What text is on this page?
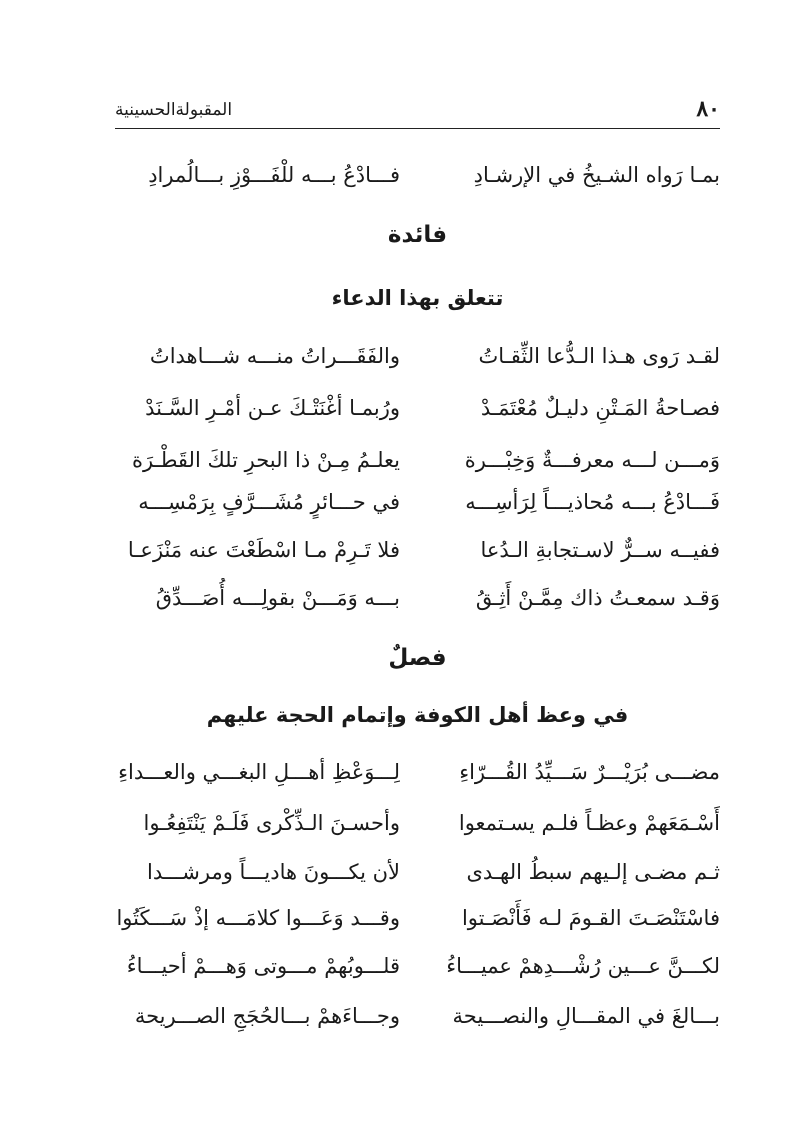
٨٠
المقبولةالحسينية
بمـا رَواه الشـيخُ في الإرشـادِ
فـــادْعُ بـــه للْفَـــوْزِ بـــالُمرادِ
فائدة
تتعلق بهذا الدعاء
لقـد رَوى هـذا الـدُّعا الثِّقـاتُ
والفَقَـــراتُ منـــه شـــاهداتُ
فصـاحةُ المَـتْنِ دليـلٌ مُعْتَمَـدْ
ورُبمـا أغْنَتْـكَ عـن أمْـرِ السَّـنَدْ
وَمـــن لـــه معرفـــةٌ وَخِبْـــرة
يعلـمُ مِـنْ ذا البحرِ تلكَ القَطْـرَة
فَـــادْعُ بـــه مُحاذيـــاً لِرَأسِـــه
في حـــائرٍ مُشَـــرَّفٍ بِرَمْسِـــه
ففيــه ســرٌّ لاسـتجابةِ الـدُعا
فلا تَـرِمْ مـا اسْطَعْتَ عنه مَنْزَعـا
وَقـد سمعـتُ ذاك مِمَّـنْ أَثِـقُ
بـــه وَمَـــنْ بقولِـــه أُصَـــدِّقُ
فصلٌ
في وعظ أهل الكوفة وإتمام الحجة عليهم
مضـــى بُرَيْـــرٌ سَـــيِّدُ القُـــرّاءِ
لِـــوَعْظِ أهـــلِ البغـــي والعـــداءِ
أَسْـمَعَهمْ وعظـاً فلـم يسـتمعوا
وأحسـنَ الـذِّكْرى فَلَـمْ يَنْتَفِعُـوا
ثـم مضـى إلـيهم سبطُ الهـدى
لأن يكـــونَ هاديـــاً ومرشـــدا
فاسْتَنْصَـتَ القـومَ لـه فَأَنْصَـتوا
وقـــد وَعَـــوا كلامَـــه إذْ سَـــكَتُوا
لكـــنَّ عـــين رُشْـــدِهمْ عميـــاءُ
قلـــوبُهمْ مـــوتى وَهـــمْ أحيـــاءُ
بـــالغَ في المقـــالِ والنصـــيحة
وجـــاءَهمْ بـــالحُجَجِ الصـــريحة
